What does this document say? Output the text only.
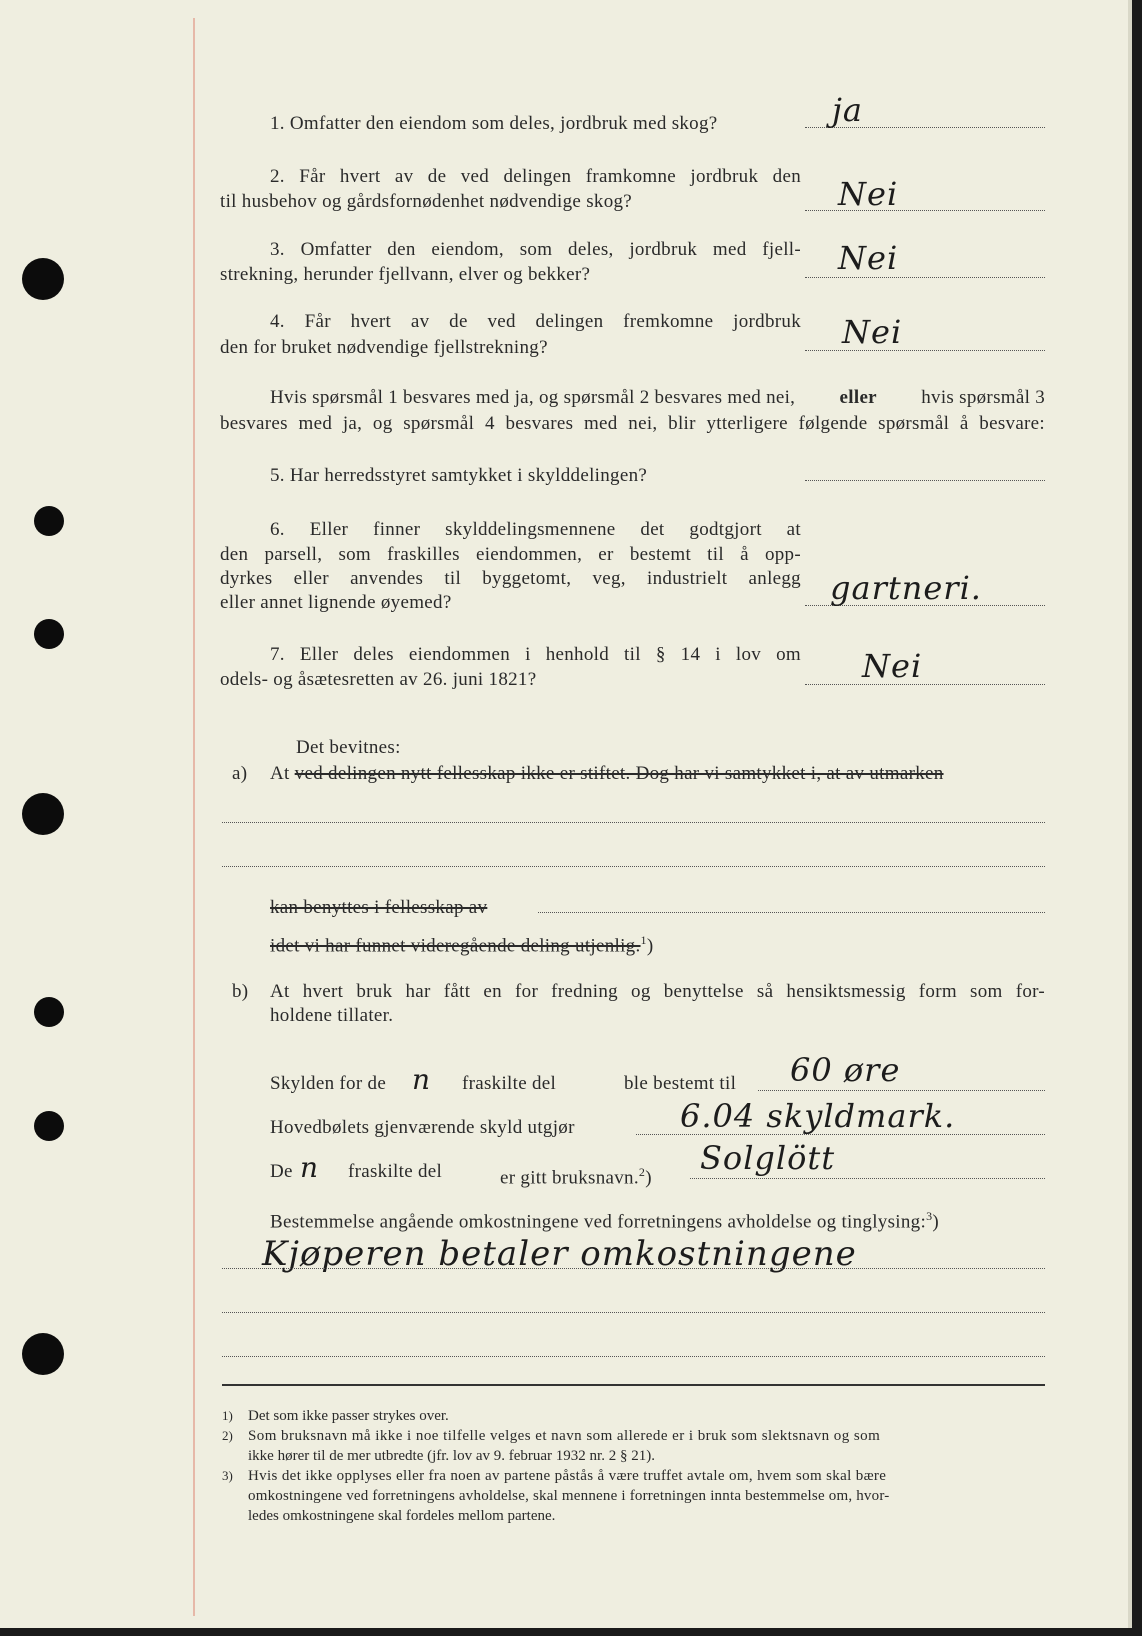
1. Omfatter den eiendom som deles, jordbruk med skog?	ja
2. Får hvert av de ved delingen framkomne jordbruk den
til husbehov og gårdsfornødenhet nødvendige skog?	Nei
3. Omfatter den eiendom, som deles, jordbruk med fjell-
strekning, herunder fjellvann, elver og bekker?	Nei
4. Får hvert av de ved delingen fremkomne jordbruk
den for bruket nødvendige fjellstrekning?	Nei
Hvis spørsmål 1 besvares med ja, og spørsmål 2 besvares med nei, eller hvis spørsmål 3
besvares med ja, og spørsmål 4 besvares med nei, blir ytterligere følgende spørsmål å besvare:
5. Har herredsstyret samtykket i skylddelingen?
6. Eller finner skylddelingsmennene det godtgjort at
den parsell, som fraskilles eiendommen, er bestemt til å opp-
dyrkes eller anvendes til byggetomt, veg, industrielt anlegg
eller annet lignende øyemed?	gartneri.
7. Eller deles eiendommen i henhold til § 14 i lov om
odels- og åsætesretten av 26. juni 1821?	Nei
Det bevitnes:
a) At ved delingen nytt fellesskap ikke er stiftet. Dog har vi samtykket i, at av utmarken
kan benyttes i fellesskap av
idet vi har funnet videregående deling utjenlig.$^1$)
b) At hvert bruk har fått en for fredning og benyttelse så hensiktsmessig form som for-
holdene tillater.
Skylden for de n fraskilte del	ble bestemt til 60 øre
Hovedbølets gjenværende skyld utgjør	6.04 skyldmark.
De n fraskilte del	er gitt bruksnavn.$^2$)
Solglött
Bestemmelse angående omkostningene ved forretningens avholdelse og tinglysing:$^3$)
Kjøperen betaler omkostningene
1) Det som ikke passer strykes over.
2) Som bruksnavn må ikke i noe tilfelle velges et navn som allerede er i bruk som slektsnavn og som
ikke hører til de mer utbredte (jfr. lov av 9. februar 1932 nr. 2 § 21).
3) Hvis det ikke opplyses eller fra noen av partene påstås å være truffet avtale om, hvem som skal bære
omkostningene ved forretningens avholdelse, skal mennene i forretningen innta bestemmelse om, hvor-
ledes omkostningene skal fordeles mellom partene.
